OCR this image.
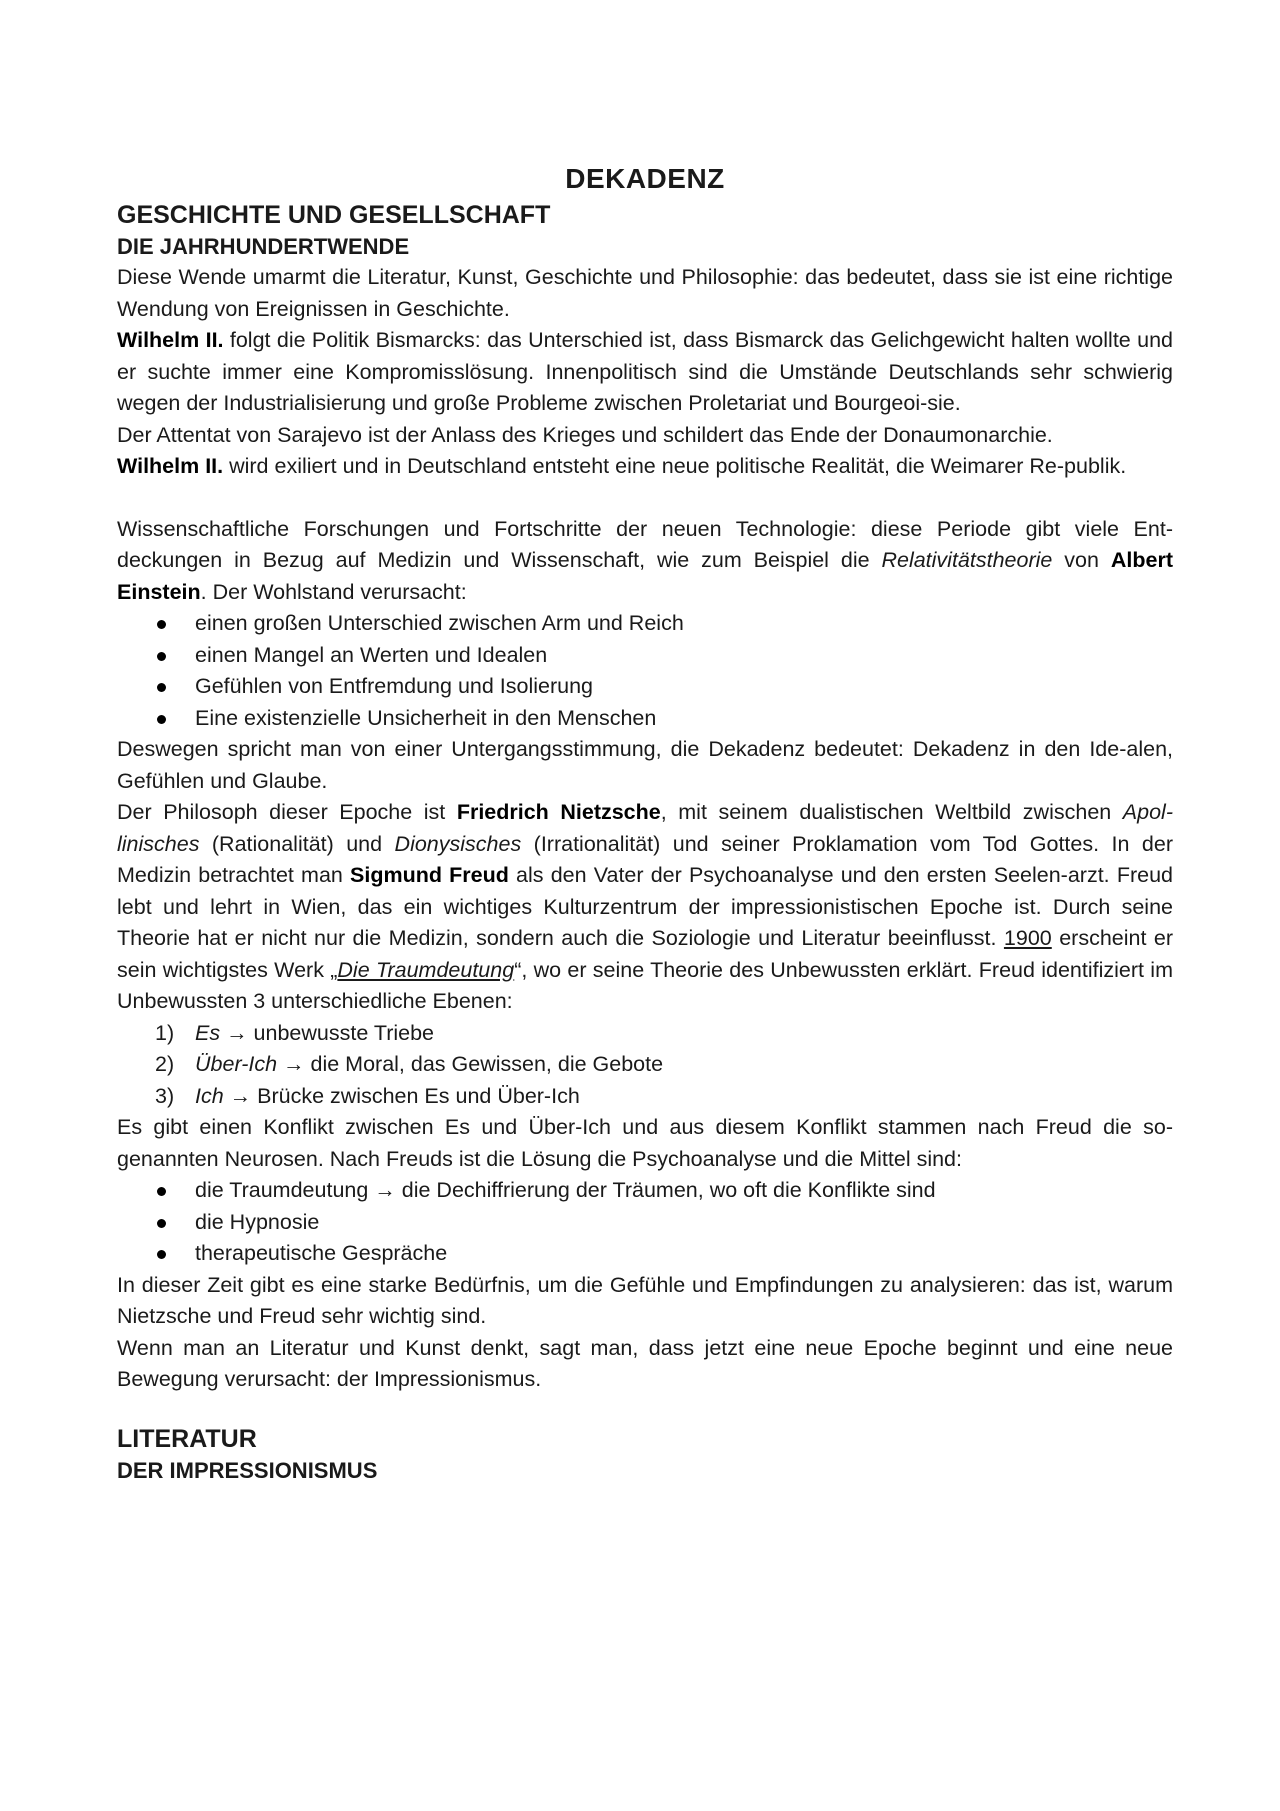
DEKADENZ
GESCHICHTE UND GESELLSCHAFT
DIE JAHRHUNDERTWENDE

Diese Wende umarmt die Literatur, Kunst, Geschichte und Philosophie: das bedeutet, dass sie ist eine richtige Wendung von Ereignissen in Geschichte.

Wilhelm II. folgt die Politik Bismarcks: das Unterschied ist, dass Bismarck das Gelichgewicht halten wollte und er suchte immer eine Kompromisslösung. Innenpolitisch sind die Umstände Deutschlands sehr schwierig wegen der Industrialisierung und große Probleme zwischen Proletariat und Bourgeoi-sie.

Der Attentat von Sarajevo ist der Anlass des Krieges und schildert das Ende der Donaumonarchie.

Wilhelm II. wird exiliert und in Deutschland entsteht eine neue politische Realität, die Weimarer Re-publik.

Wissenschaftliche Forschungen und Fortschritte der neuen Technologie: diese Periode gibt viele Ent-deckungen in Bezug auf Medizin und Wissenschaft, wie zum Beispiel die Relativitätstheorie von Albert Einstein. Der Wohlstand verursacht:

einen großen Unterschied zwischen Arm und Reich
einen Mangel an Werten und Idealen
Gefühlen von Entfremdung und Isolierung
Eine existenzielle Unsicherheit in den Menschen

Deswegen spricht man von einer Untergangsstimmung, die Dekadenz bedeutet: Dekadenz in den Ide-alen, Gefühlen und Glaube.

Der Philosoph dieser Epoche ist Friedrich Nietzsche, mit seinem dualistischen Weltbild zwischen Apol-linisches (Rationalität) und Dionysisches (Irrationalität) und seiner Proklamation vom Tod Gottes. In der Medizin betrachtet man Sigmund Freud als den Vater der Psychoanalyse und den ersten Seelen-arzt. Freud lebt und lehrt in Wien, das ein wichtiges Kulturzentrum der impressionistischen Epoche ist. Durch seine Theorie hat er nicht nur die Medizin, sondern auch die Soziologie und Literatur beeinflusst. 1900 erscheint er sein wichtigstes Werk „Die Traumdeutung“, wo er seine Theorie des Unbewussten erklärt. Freud identifiziert im Unbewussten 3 unterschiedliche Ebenen:

1) Es → unbewusste Triebe
2) Über-Ich → die Moral, das Gewissen, die Gebote
3) Ich → Brücke zwischen Es und Über-Ich

Es gibt einen Konflikt zwischen Es und Über-Ich und aus diesem Konflikt stammen nach Freud die so-genannten Neurosen. Nach Freuds ist die Lösung die Psychoanalyse und die Mittel sind:

die Traumdeutung → die Dechiffrierung der Träumen, wo oft die Konflikte sind
die Hypnosie
therapeutische Gespräche

In dieser Zeit gibt es eine starke Bedürfnis, um die Gefühle und Empfindungen zu analysieren: das ist, warum Nietzsche und Freud sehr wichtig sind.

Wenn man an Literatur und Kunst denkt, sagt man, dass jetzt eine neue Epoche beginnt und eine neue Bewegung verursacht: der Impressionismus.

LITERATUR
DER IMPRESSIONISMUS
